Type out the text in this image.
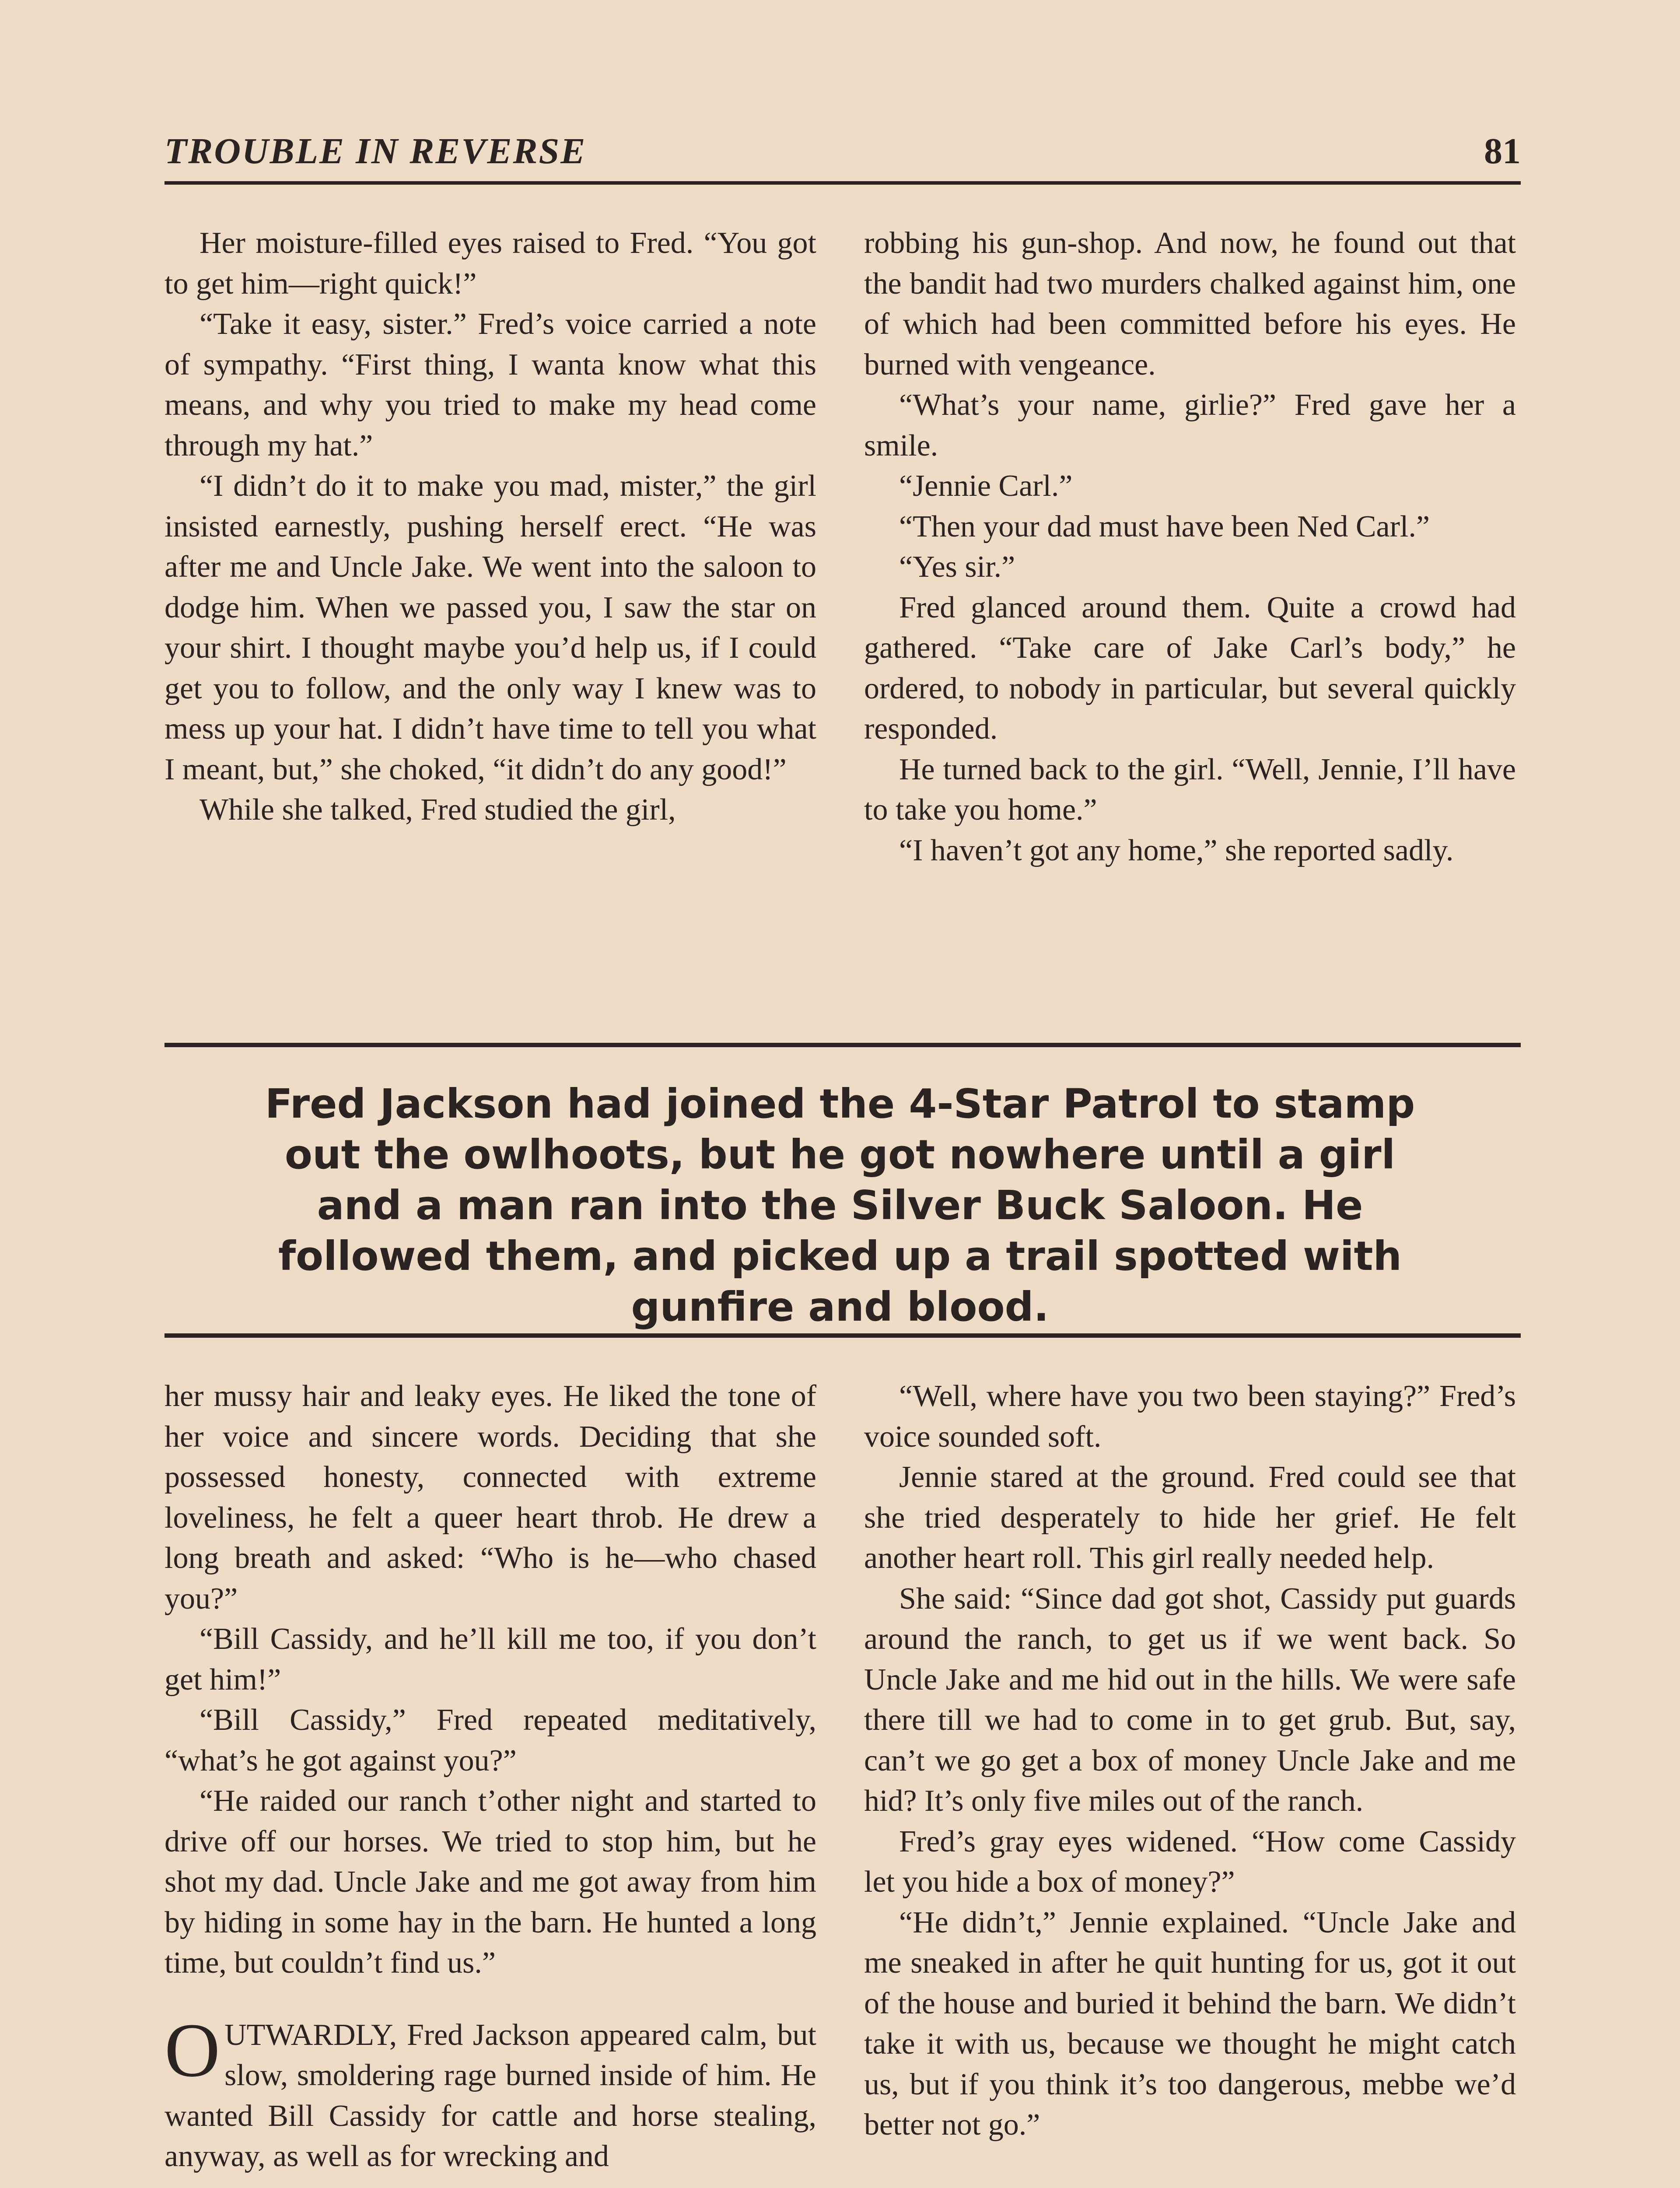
TROUBLE IN REVERSE	81

Her moisture-filled eyes raised to Fred. “You got to get him—right quick!”

“Take it easy, sister.” Fred’s voice carried a note of sympathy. “First thing, I wanta know what this means, and why you tried to make my head come through my hat.”

“I didn’t do it to make you mad, mister,” the girl insisted earnestly, pushing herself erect. “He was after me and Uncle Jake. We went into the saloon to dodge him. When we passed you, I saw the star on your shirt. I thought maybe you’d help us, if I could get you to follow, and the only way I knew was to mess up your hat. I didn’t have time to tell you what I meant, but,” she choked, “it didn’t do any good!”

While she talked, Fred studied the girl,

robbing his gun-shop. And now, he found out that the bandit had two murders chalked against him, one of which had been committed before his eyes. He burned with vengeance.

“What’s your name, girlie?” Fred gave her a smile.

“Jennie Carl.”

“Then your dad must have been Ned Carl.”

“Yes sir.”

Fred glanced around them. Quite a crowd had gathered. “Take care of Jake Carl’s body,” he ordered, to nobody in particular, but several quickly responded.

He turned back to the girl. “Well, Jennie, I’ll have to take you home.”

“I haven’t got any home,” she reported sadly.

Fred Jackson had joined the 4-Star Patrol to stamp out the owlhoots, but he got nowhere until a girl and a man ran into the Silver Buck Saloon. He followed them, and picked up a trail spotted with gunfire and blood.

her mussy hair and leaky eyes. He liked the tone of her voice and sincere words. Deciding that she possessed honesty, connected with extreme loveliness, he felt a queer heart throb. He drew a long breath and asked: “Who is he—who chased you?”

“Bill Cassidy, and he’ll kill me too, if you don’t get him!”

“Bill Cassidy,” Fred repeated meditatively, “what’s he got against you?”

“He raided our ranch t’other night and started to drive off our horses. We tried to stop him, but he shot my dad. Uncle Jake and me got away from him by hiding in some hay in the barn. He hunted a long time, but couldn’t find us.”

OUTWARDLY, Fred Jackson appeared calm, but slow, smoldering rage burned inside of him. He wanted Bill Cassidy for cattle and horse stealing, anyway, as well as for wrecking and

“Well, where have you two been staying?” Fred’s voice sounded soft.

Jennie stared at the ground. Fred could see that she tried desperately to hide her grief. He felt another heart roll. This girl really needed help.

She said: “Since dad got shot, Cassidy put guards around the ranch, to get us if we went back. So Uncle Jake and me hid out in the hills. We were safe there till we had to come in to get grub. But, say, can’t we go get a box of money Uncle Jake and me hid? It’s only five miles out of the ranch.

Fred’s gray eyes widened. “How come Cassidy let you hide a box of money?”

“He didn’t,” Jennie explained. “Uncle Jake and me sneaked in after he quit hunting for us, got it out of the house and buried it behind the barn. We didn’t take it with us, because we thought he might catch us, but if you think it’s too dangerous, mebbe we’d better not go.”
